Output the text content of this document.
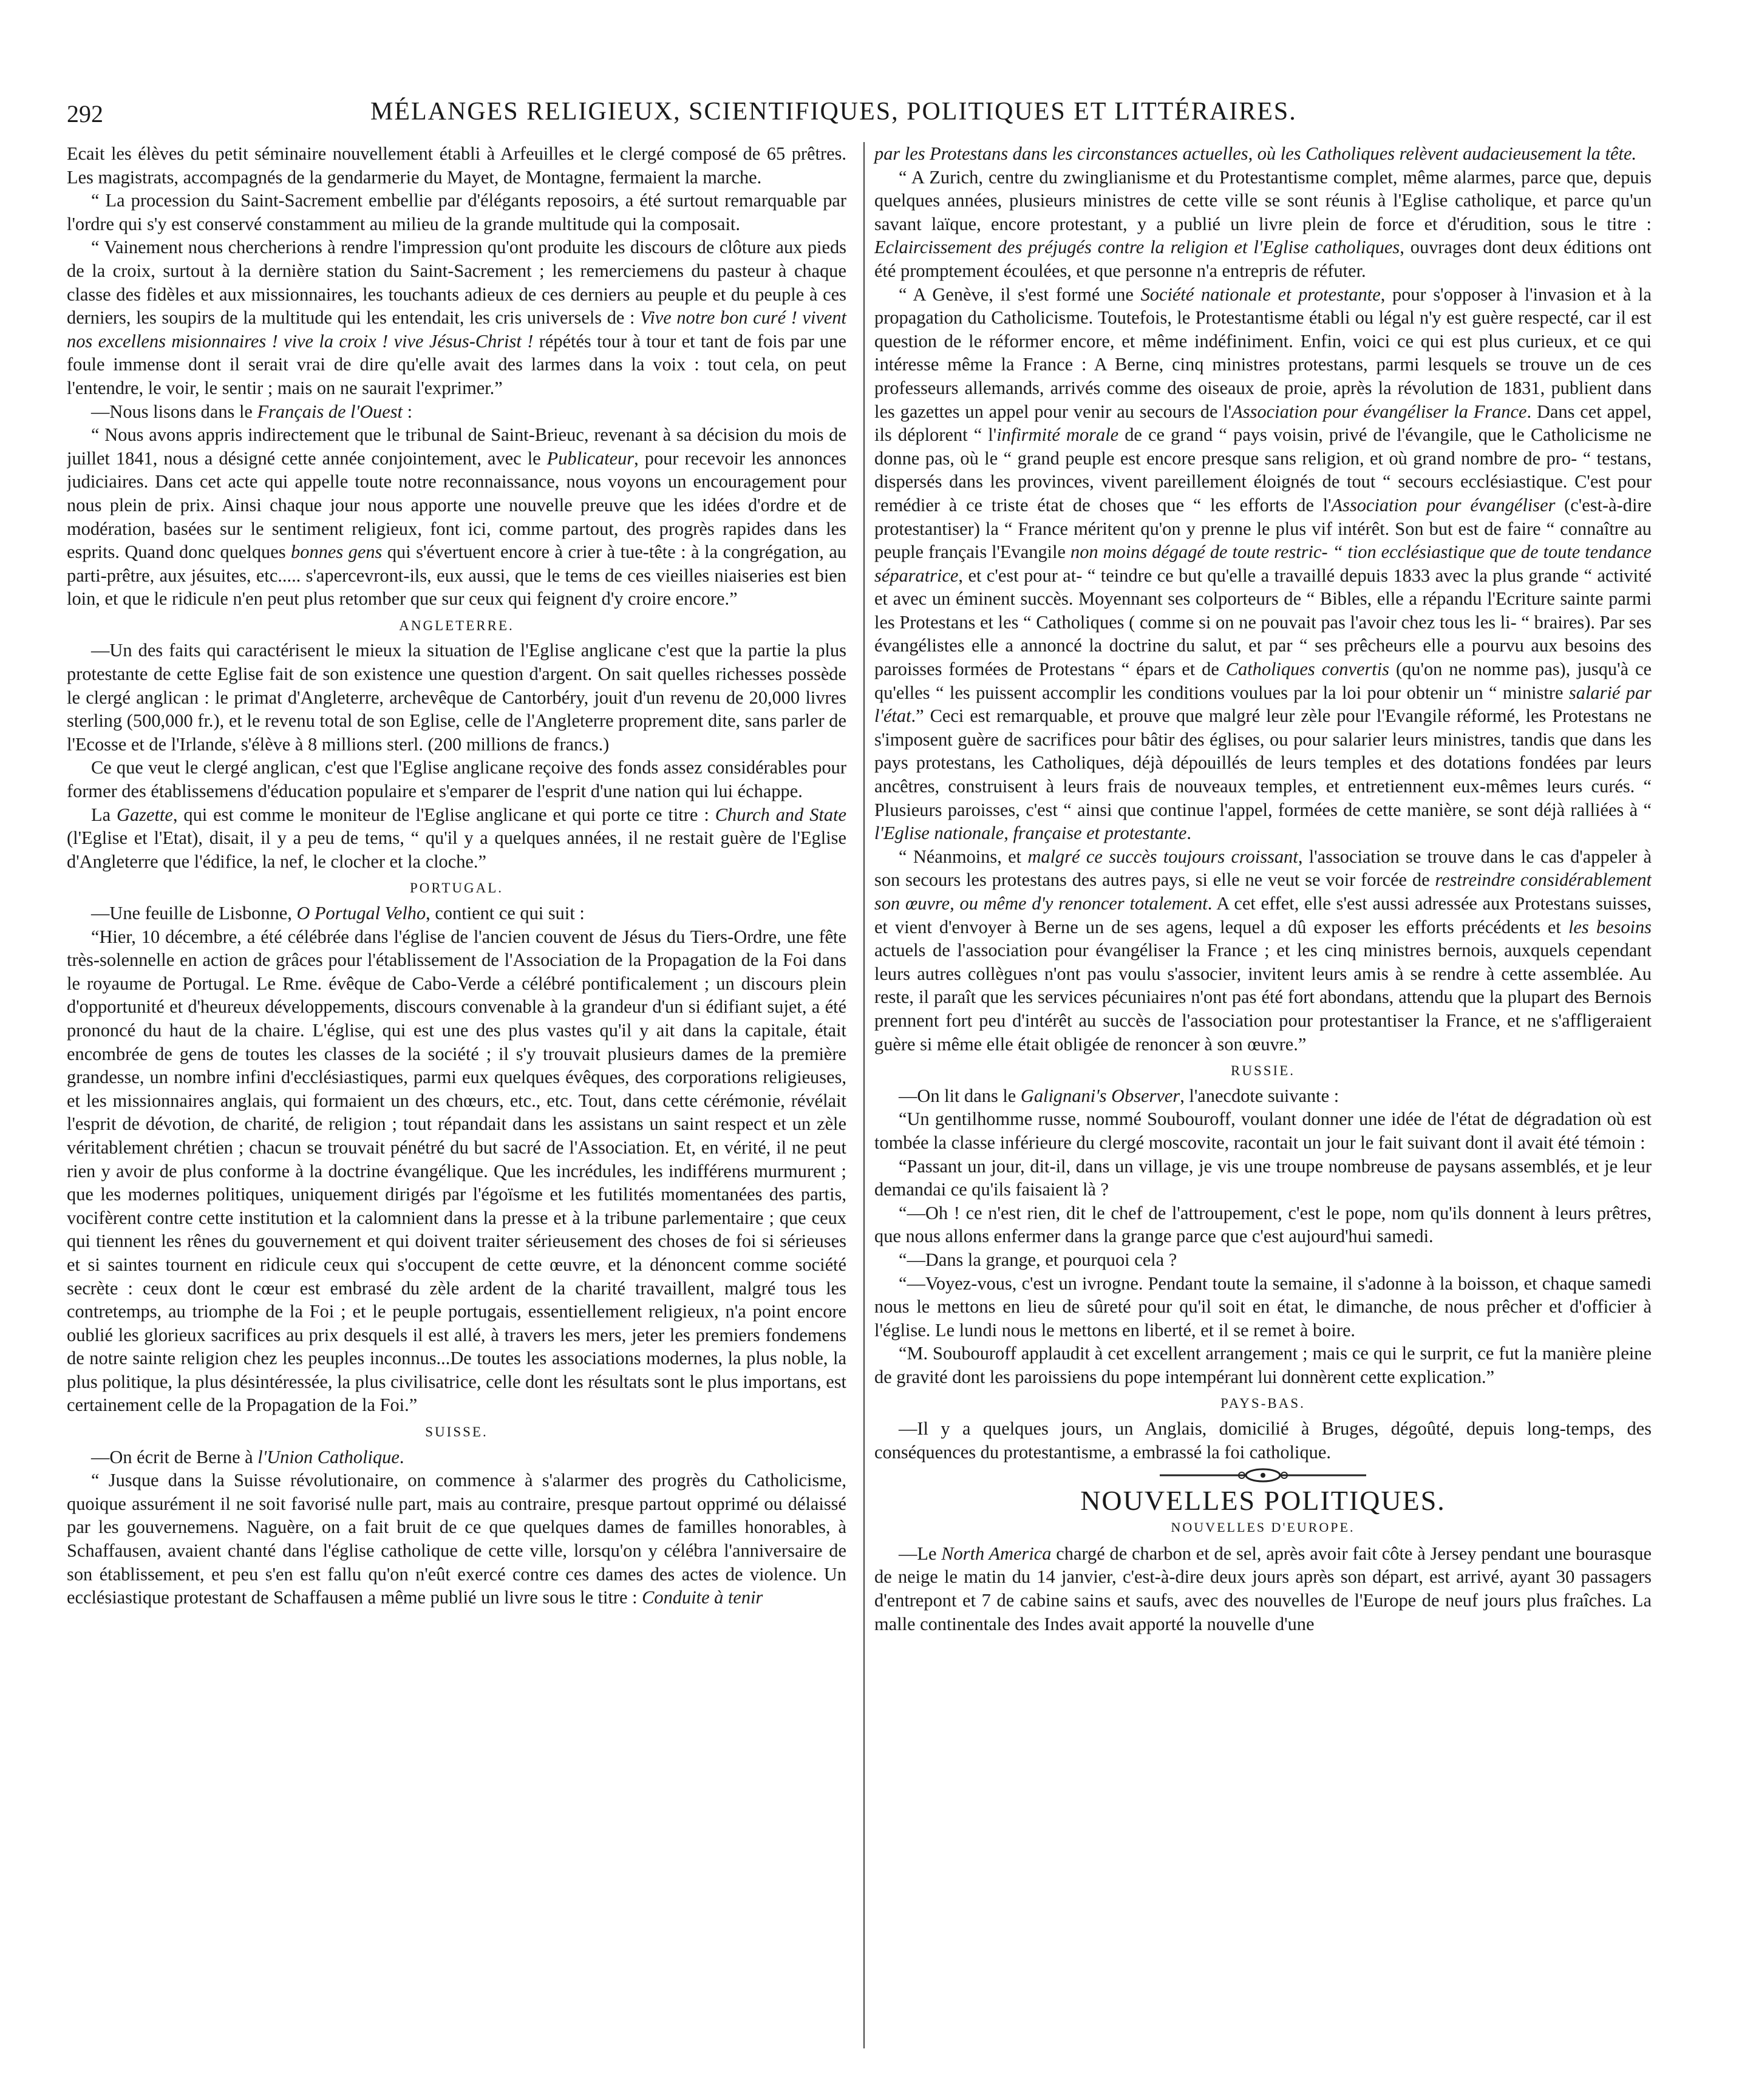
292	MÉLANGES RELIGIEUX, SCIENTIFIQUES, POLITIQUES ET LITTÉRAIRES.

Ecait les élèves du petit séminaire nouvellement établi à Arfeuilles et le clergé composé de 65 prêtres. Les magistrats, accompagnés de la gendarmerie du Mayet, de Montagne, fermaient la marche.

“ La procession du Saint-Sacrement embellie par d'élégants reposoirs, a été surtout remarquable par l'ordre qui s'y est conservé constamment au milieu de la grande multitude qui la composait.

“ Vainement nous chercherions à rendre l'impression qu'ont produite les discours de clôture aux pieds de la croix, surtout à la dernière station du Saint-Sacrement ; les remerciemens du pasteur à chaque classe des fidèles et aux missionnaires, les touchants adieux de ces derniers au peuple et du peuple à ces derniers, les soupirs de la multitude qui les entendait, les cris universels de : Vive notre bon curé ! vivent nos excellens misionnaires ! vive la croix ! vive Jésus-Christ ! répétés tour à tour et tant de fois par une foule immense dont il serait vrai de dire qu'elle avait des larmes dans la voix : tout cela, on peut l'entendre, le voir, le sentir ; mais on ne saurait l'exprimer.”

—Nous lisons dans le Français de l'Ouest :

“ Nous avons appris indirectement que le tribunal de Saint-Brieuc, revenant à sa décision du mois de juillet 1841, nous a désigné cette année conjointement, avec le Publicateur, pour recevoir les annonces judiciaires. Dans cet acte qui appelle toute notre reconnaissance, nous voyons un encouragement pour nous plein de prix. Ainsi chaque jour nous apporte une nouvelle preuve que les idées d'ordre et de modération, basées sur le sentiment religieux, font ici, comme partout, des progrès rapides dans les esprits. Quand donc quelques bonnes gens qui s'évertuent encore à crier à tue-tête : à la congrégation, au parti-prêtre, aux jésuites, etc..... s'apercevront-ils, eux aussi, que le tems de ces vieilles niaiseries est bien loin, et que le ridicule n'en peut plus retomber que sur ceux qui feignent d'y croire encore.”

ANGLETERRE.

—Un des faits qui caractérisent le mieux la situation de l'Eglise anglicane c'est que la partie la plus protestante de cette Eglise fait de son existence une question d'argent. On sait quelles richesses possède le clergé anglican : le primat d'Angleterre, archevêque de Cantorbéry, jouit d'un revenu de 20,000 livres sterling (500,000 fr.), et le revenu total de son Eglise, celle de l'Angleterre proprement dite, sans parler de l'Ecosse et de l'Irlande, s'élève à 8 millions sterl. (200 millions de francs.)

Ce que veut le clergé anglican, c'est que l'Eglise anglicane reçoive des fonds assez considérables pour former des établissemens d'éducation populaire et s'emparer de l'esprit d'une nation qui lui échappe.

La Gazette, qui est comme le moniteur de l'Eglise anglicane et qui porte ce titre : Church and State (l'Eglise et l'Etat), disait, il y a peu de tems, “ qu'il y a quelques années, il ne restait guère de l'Eglise d'Angleterre que l'édifice, la nef, le clocher et la cloche.”

PORTUGAL.

—Une feuille de Lisbonne, O Portugal Velho, contient ce qui suit :

“Hier, 10 décembre, a été célébrée dans l'église de l'ancien couvent de Jésus du Tiers-Ordre, une fête très-solennelle en action de grâces pour l'établissement de l'Association de la Propagation de la Foi dans le royaume de Portugal. Le Rme. évêque de Cabo-Verde a célébré pontificalement ; un discours plein d'opportunité et d'heureux développements, discours convenable à la grandeur d'un si édifiant sujet, a été prononcé du haut de la chaire. L'église, qui est une des plus vastes qu'il y ait dans la capitale, était encombrée de gens de toutes les classes de la société ; il s'y trouvait plusieurs dames de la première grandesse, un nombre infini d'ecclésiastiques, parmi eux quelques évêques, des corporations religieuses, et les missionnaires anglais, qui formaient un des chœurs, etc., etc. Tout, dans cette cérémonie, révélait l'esprit de dévotion, de charité, de religion ; tout répandait dans les assistans un saint respect et un zèle véritablement chrétien ; chacun se trouvait pénétré du but sacré de l'Association. Et, en vérité, il ne peut rien y avoir de plus conforme à la doctrine évangélique. Que les incrédules, les indifférens murmurent ; que les modernes politiques, uniquement dirigés par l'égoïsme et les futilités momentanées des partis, vocifèrent contre cette institution et la calomnient dans la presse et à la tribune parlementaire ; que ceux qui tiennent les rênes du gouvernement et qui doivent traiter sérieusement des choses de foi si sérieuses et si saintes tournent en ridicule ceux qui s'occupent de cette œuvre, et la dénoncent comme société secrète : ceux dont le cœur est embrasé du zèle ardent de la charité travaillent, malgré tous les contretemps, au triomphe de la Foi ; et le peuple portugais, essentiellement religieux, n'a point encore oublié les glorieux sacrifices au prix desquels il est allé, à travers les mers, jeter les premiers fondemens de notre sainte religion chez les peuples inconnus...De toutes les associations modernes, la plus noble, la plus politique, la plus désintéressée, la plus civilisatrice, celle dont les résultats sont le plus importans, est certainement celle de la Propagation de la Foi.”

SUISSE.

—On écrit de Berne à l'Union Catholique.

“ Jusque dans la Suisse révolutionaire, on commence à s'alarmer des progrès du Catholicisme, quoique assurément il ne soit favorisé nulle part, mais au contraire, presque partout opprimé ou délaissé par les gouvernemens. Naguère, on a fait bruit de ce que quelques dames de familles honorables, à Schaffausen, avaient chanté dans l'église catholique de cette ville, lorsqu'on y célébra l'anniversaire de son établissement, et peu s'en est fallu qu'on n'eût exercé contre ces dames des actes de violence. Un ecclésiastique protestant de Schaffausen a même publié un livre sous le titre : Conduite à tenir

par les Protestans dans les circonstances actuelles, où les Catholiques relèvent audacieusement la tête.

“ A Zurich, centre du zwinglianisme et du Protestantisme complet, même alarmes, parce que, depuis quelques années, plusieurs ministres de cette ville se sont réunis à l'Eglise catholique, et parce qu'un savant laïque, encore protestant, y a publié un livre plein de force et d'érudition, sous le titre : Eclaircissement des préjugés contre la religion et l'Eglise catholiques, ouvrages dont deux éditions ont été promptement écoulées, et que personne n'a entrepris de réfuter.

“ A Genève, il s'est formé une Société nationale et protestante, pour s'opposer à l'invasion et à la propagation du Catholicisme. Toutefois, le Protestantisme établi ou légal n'y est guère respecté, car il est question de le réformer encore, et même indéfiniment. Enfin, voici ce qui est plus curieux, et ce qui intéresse même la France : A Berne, cinq ministres protestans, parmi lesquels se trouve un de ces professeurs allemands, arrivés comme des oiseaux de proie, après la révolution de 1831, publient dans les gazettes un appel pour venir au secours de l'Association pour évangéliser la France. Dans cet appel, ils déplorent “ l'infirmité morale de ce grand “ pays voisin, privé de l'évangile, que le Catholicisme ne donne pas, où le “ grand peuple est encore presque sans religion, et où grand nombre de pro- “ testans, dispersés dans les provinces, vivent pareillement éloignés de tout “ secours ecclésiastique. C'est pour remédier à ce triste état de choses que “ les efforts de l'Association pour évangéliser (c'est-à-dire protestantiser) la “ France méritent qu'on y prenne le plus vif intérêt. Son but est de faire “ connaître au peuple français l'Evangile non moins dégagé de toute restric- “ tion ecclésiastique que de toute tendance séparatrice, et c'est pour at- “ teindre ce but qu'elle a travaillé depuis 1833 avec la plus grande “ activité et avec un éminent succès. Moyennant ses colporteurs de “ Bibles, elle a répandu l'Ecriture sainte parmi les Protestans et les “ Catholiques ( comme si on ne pouvait pas l'avoir chez tous les li- “ braires). Par ses évangélistes elle a annoncé la doctrine du salut, et par “ ses prêcheurs elle a pourvu aux besoins des paroisses formées de Protestans “ épars et de Catholiques convertis (qu'on ne nomme pas), jusqu'à ce qu'elles “ les puissent accomplir les conditions voulues par la loi pour obtenir un “ ministre salarié par l'état.” Ceci est remarquable, et prouve que malgré leur zèle pour l'Evangile réformé, les Protestans ne s'imposent guère de sacrifices pour bâtir des églises, ou pour salarier leurs ministres, tandis que dans les pays protestans, les Catholiques, déjà dépouillés de leurs temples et des dotations fondées par leurs ancêtres, construisent à leurs frais de nouveaux temples, et entretiennent eux-mêmes leurs curés. “ Plusieurs paroisses, c'est “ ainsi que continue l'appel, formées de cette manière, se sont déjà ralliées à “ l'Eglise nationale, française et protestante.

“ Néanmoins, et malgré ce succès toujours croissant, l'association se trouve dans le cas d'appeler à son secours les protestans des autres pays, si elle ne veut se voir forcée de restreindre considérablement son œuvre, ou même d'y renoncer totalement. A cet effet, elle s'est aussi adressée aux Protestans suisses, et vient d'envoyer à Berne un de ses agens, lequel a dû exposer les efforts précédents et les besoins actuels de l'association pour évangéliser la France ; et les cinq ministres bernois, auxquels cependant leurs autres collègues n'ont pas voulu s'associer, invitent leurs amis à se rendre à cette assemblée. Au reste, il paraît que les services pécuniaires n'ont pas été fort abondans, attendu que la plupart des Bernois prennent fort peu d'intérêt au succès de l'association pour protestantiser la France, et ne s'affligeraient guère si même elle était obligée de renoncer à son œuvre.”

RUSSIE.

—On lit dans le Galignani's Observer, l'anecdote suivante :

“Un gentilhomme russe, nommé Soubouroff, voulant donner une idée de l'état de dégradation où est tombée la classe inférieure du clergé moscovite, racontait un jour le fait suivant dont il avait été témoin :

“Passant un jour, dit-il, dans un village, je vis une troupe nombreuse de paysans assemblés, et je leur demandai ce qu'ils faisaient là ?

“—Oh ! ce n'est rien, dit le chef de l'attroupement, c'est le pope, nom qu'ils donnent à leurs prêtres, que nous allons enfermer dans la grange parce que c'est aujourd'hui samedi.

“—Dans la grange, et pourquoi cela ?

“—Voyez-vous, c'est un ivrogne. Pendant toute la semaine, il s'adonne à la boisson, et chaque samedi nous le mettons en lieu de sûreté pour qu'il soit en état, le dimanche, de nous prêcher et d'officier à l'église. Le lundi nous le mettons en liberté, et il se remet à boire.

“M. Soubouroff applaudit à cet excellent arrangement ; mais ce qui le surprit, ce fut la manière pleine de gravité dont les paroissiens du pope intempérant lui donnèrent cette explication.”

PAYS-BAS.

—Il y a quelques jours, un Anglais, domicilié à Bruges, dégoûté, depuis long-temps, des conséquences du protestantisme, a embrassé la foi catholique.

NOUVELLES POLITIQUES.

NOUVELLES D'EUROPE.

—Le North America chargé de charbon et de sel, après avoir fait côte à Jersey pendant une bourasque de neige le matin du 14 janvier, c'est-à-dire deux jours après son départ, est arrivé, ayant 30 passagers d'entrepont et 7 de cabine sains et saufs, avec des nouvelles de l'Europe de neuf jours plus fraîches. La malle continentale des Indes avait apporté la nouvelle d'une
